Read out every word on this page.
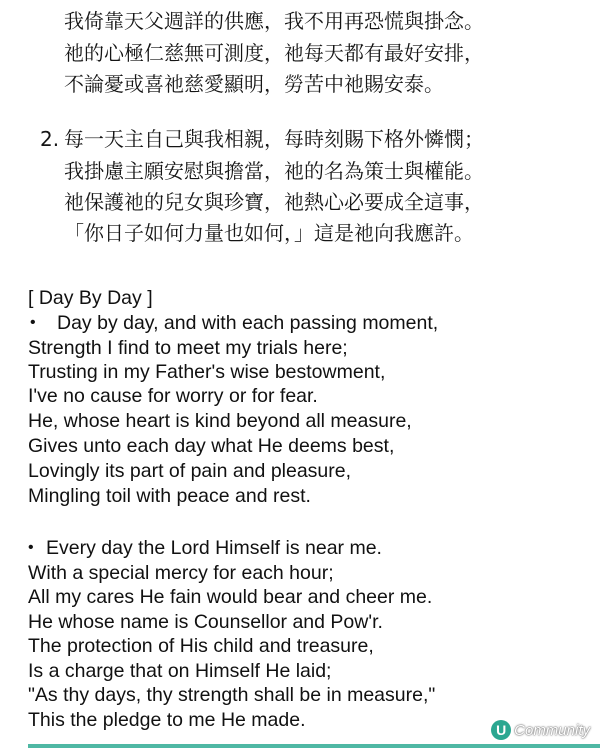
我倚靠天父週詳的供應，我不用再恐慌與掛念。
祂的心極仁慈無可測度，祂每天都有最好安排，
不論憂或喜祂慈愛顯明，勞苦中祂賜安泰。
2. 每一天主自己與我相親，每時刻賜下格外憐憫；
我掛慮主願安慰與擔當，祂的名為策士與權能。
祂保護祂的兒女與珍寶，祂熱心必要成全這事，
「你日子如何力量也如何，」這是祂向我應許。
[ Day By Day ]
• Day by day, and with each passing moment,
Strength I find to meet my trials here;
Trusting in my Father's wise bestowment,
I've no cause for worry or for fear.
He, whose heart is kind beyond all measure,
Gives unto each day what He deems best,
Lovingly its part of pain and pleasure,
Mingling toil with peace and rest.
• Every day the Lord Himself is near me.
With a special mercy for each hour;
All my cares He fain would bear and cheer me.
He whose name is Counsellor and Pow'r.
The protection of His child and treasure,
Is a charge that on Himself He laid;
"As thy days, thy strength shall be in measure,"
This the pledge to me He made.	U Community
